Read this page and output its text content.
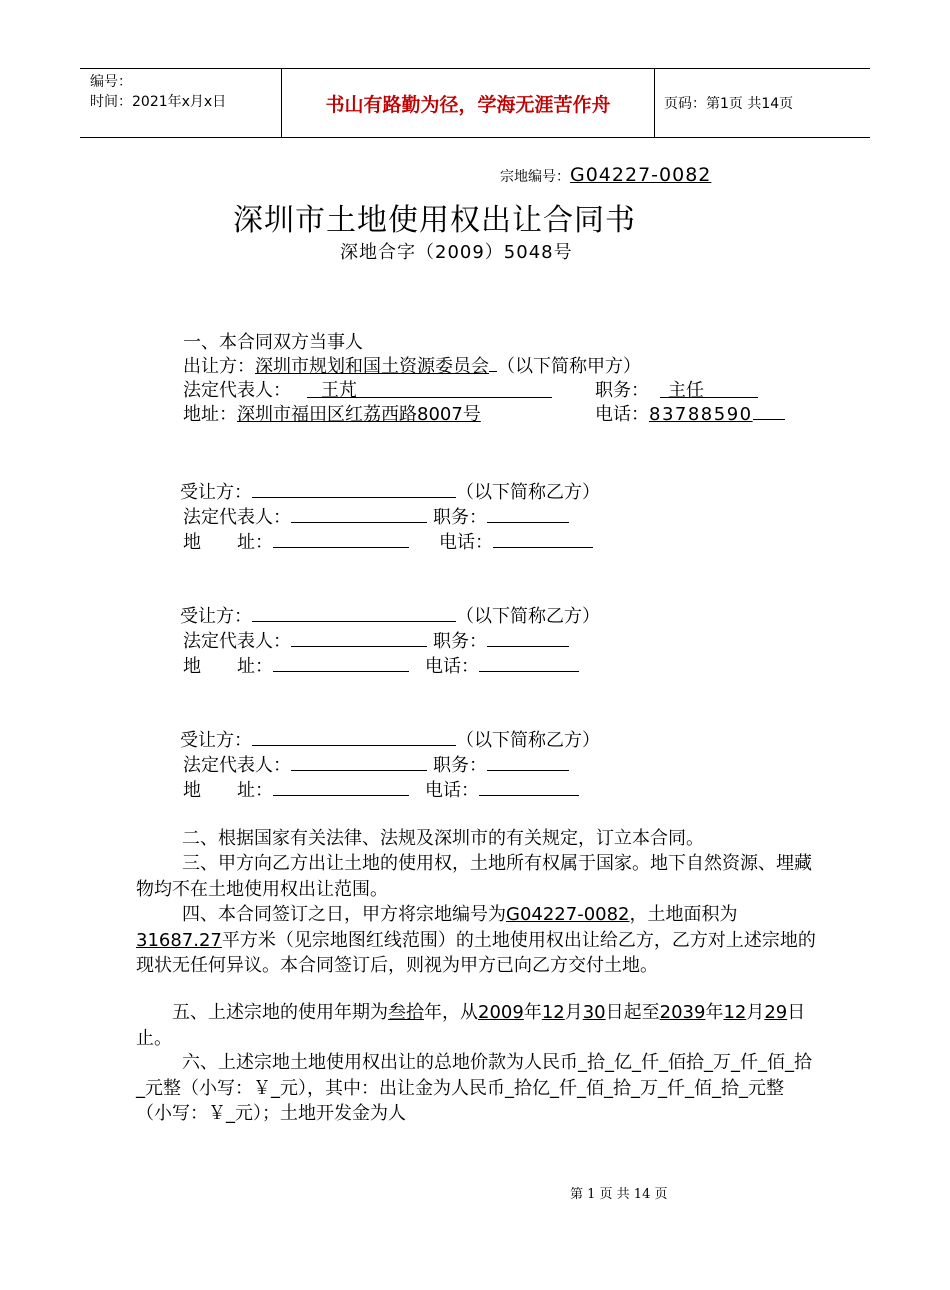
编号：
时间：2021年x月x日	书山有路勤为径，学海无涯苦作舟	页码：第1页 共14页
宗地编号：G04227-0082
深圳市土地使用权出让合同书
深地合字（2009）5048号
一、本合同双方当事人
出让方：深圳市规划和国土资源委员会 （以下简称甲方）
法定代表人：	王芃	职务：	主任
地址：深圳市福田区红荔西路8007号	电话：83788590
受让方：	（以下简称乙方）
法定代表人：	职务：
地　　址：	电话：
受让方：	（以下简称乙方）
法定代表人：	职务：
地　　址：	电话：
受让方：	（以下简称乙方）
法定代表人：	职务：
地　　址：	电话：
二、根据国家有关法律、法规及深圳市的有关规定，订立本合同。
三、甲方向乙方出让土地的使用权，土地所有权属于国家。地下自然资源、埋藏物均不在土地使用权出让范围。
四、本合同签订之日，甲方将宗地编号为G04227-0082，土地面积为31687.27平方米（见宗地图红线范围）的土地使用权出让给乙方，乙方对上述宗地的现状无任何异议。本合同签订后，则视为甲方已向乙方交付土地。
五、上述宗地的使用年期为叁拾年，从2009年12月30日起至2039年12月29日止。
六、上述宗地土地使用权出让的总地价款为人民币_拾_亿_仟_佰拾_万_仟_佰_拾_元整（小写：￥_元），其中：出让金为人民币_拾亿_仟_佰_拾_万_仟_佰_拾_元整（小写：￥_元）；土地开发金为人
第 1 页 共 14 页
